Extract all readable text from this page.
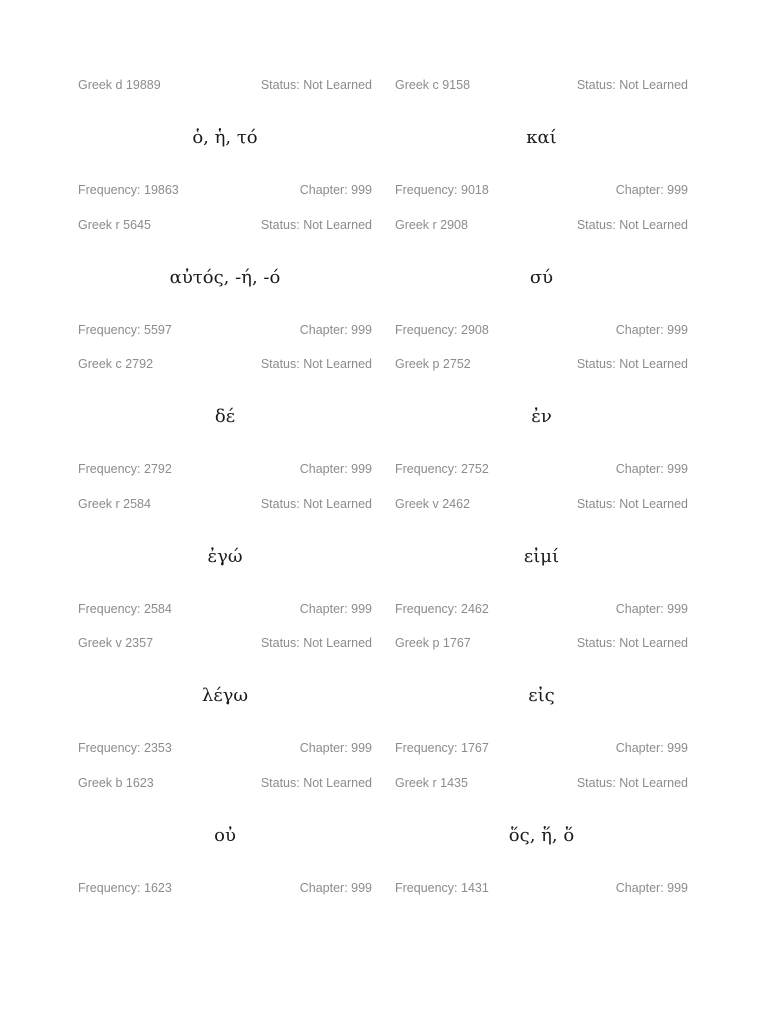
Greek d 19889	Status: Not Learned
ὁ, ἡ, τό
Frequency: 19863	Chapter: 999
Greek c 9158	Status: Not Learned
καί
Frequency: 9018	Chapter: 999
Greek r 5645	Status: Not Learned
αὐτός, -ή, -ό
Frequency: 5597	Chapter: 999
Greek r 2908	Status: Not Learned
σύ
Frequency: 2908	Chapter: 999
Greek c 2792	Status: Not Learned
δέ
Frequency: 2792	Chapter: 999
Greek p 2752	Status: Not Learned
ἐν
Frequency: 2752	Chapter: 999
Greek r 2584	Status: Not Learned
ἐγώ
Frequency: 2584	Chapter: 999
Greek v 2462	Status: Not Learned
εἰμί
Frequency: 2462	Chapter: 999
Greek v 2357	Status: Not Learned
λέγω
Frequency: 2353	Chapter: 999
Greek p 1767	Status: Not Learned
εἰς
Frequency: 1767	Chapter: 999
Greek b 1623	Status: Not Learned
οὐ
Frequency: 1623	Chapter: 999
Greek r 1435	Status: Not Learned
ὅς, ἥ, ὅ
Frequency: 1431	Chapter: 999
